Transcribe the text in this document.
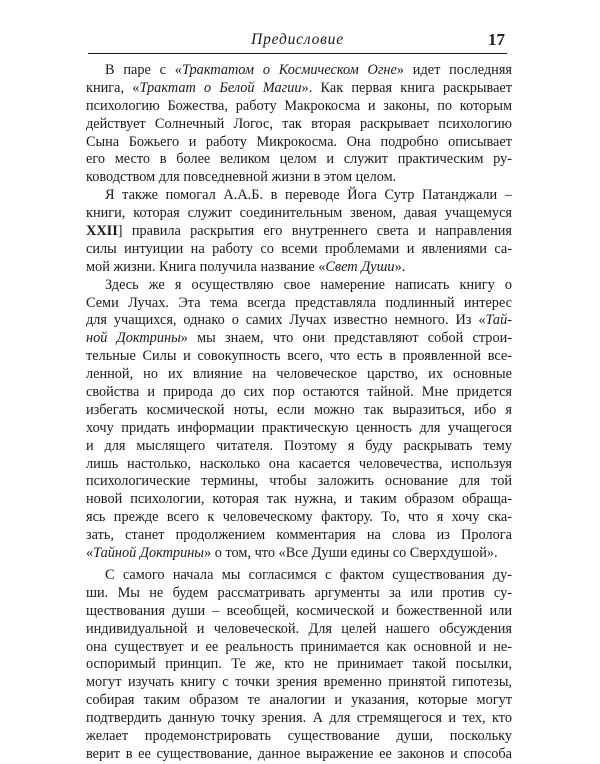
Предисловие	17
В паре с «Трактатом о Космическом Огне» идет последняя
книга, «Трактат о Белой Магии». Как первая книга раскрывает
психологию Божества, работу Макрокосма и законы, по которым
действует Солнечный Логос, так вторая раскрывает психологию
Сына Божьего и работу Микрокосма. Она подробно описывает
его место в более великом целом и служит практическим ру-
ководством для повседневной жизни в этом целом.
Я также помогал А.А.Б. в переводе Йога Сутр Патанджали –
книги, которая служит соединительным звеном, давая учащемуся
XXII] правила раскрытия его внутреннего света и направления
силы интуиции на работу со всеми проблемами и явлениями са-
мой жизни. Книга получила название «Свет Души».
Здесь же я осуществляю свое намерение написать книгу о
Семи Лучах. Эта тема всегда представляла подлинный интерес
для учащихся, однако о самих Лучах известно немного. Из «Тай-
ной Доктрины» мы знаем, что они представляют собой строи-
тельные Силы и совокупность всего, что есть в проявленной все-
ленной, но их влияние на человеческое царство, их основные
свойства и природа до сих пор остаются тайной. Мне придется
избегать космической ноты, если можно так выразиться, ибо я
хочу придать информации практическую ценность для учащегося
и для мыслящего читателя. Поэтому я буду раскрывать тему
лишь настолько, насколько она касается человечества, используя
психологические термины, чтобы заложить основание для той
новой психологии, которая так нужна, и таким образом обраща-
ясь прежде всего к человеческому фактору. То, что я хочу ска-
зать, станет продолжением комментария на слова из Пролога
«Тайной Доктрины» о том, что «Все Души едины со Сверхдушой».
С самого начала мы согласимся с фактом существования ду-
ши. Мы не будем рассматривать аргументы за или против су-
ществования души – всеобщей, космической и божественной или
индивидуальной и человеческой. Для целей нашего обсуждения
она существует и ее реальность принимается как основной и не-
оспоримый принцип. Те же, кто не принимает такой посылки,
могут изучать книгу с точки зрения временно принятой гипотезы,
собирая таким образом те аналогии и указания, которые могут
подтвердить данную точку зрения. А для стремящегося и тех, кто
желает продемонстрировать существование души, поскольку
верит в ее существование, данное выражение ее законов и способа
